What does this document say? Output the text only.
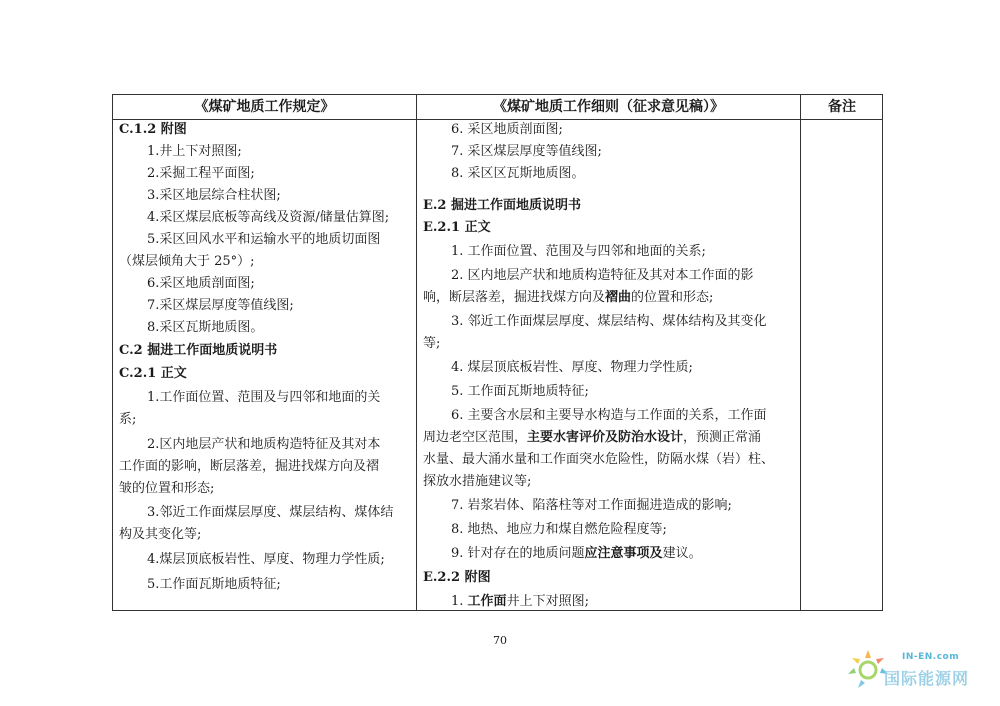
《煤矿地质工作规定》	《煤矿地质工作细则（征求意见稿）》	备注
C.1.2 附图
1.井上下对照图;
2.采掘工程平面图;
3.采区地层综合柱状图;
4.采区煤层底板等高线及资源/储量估算图;
5.采区回风水平和运输水平的地质切面图
（煤层倾角大于 25°）;
6.采区地质剖面图;
7.采区煤层厚度等值线图;
8.采区瓦斯地质图。
C.2 掘进工作面地质说明书
C.2.1 正文
1.工作面位置、范围及与四邻和地面的关
系;
2.区内地层产状和地质构造特征及其对本
工作面的影响，断层落差，掘进找煤方向及褶
皱的位置和形态;
3.邻近工作面煤层厚度、煤层结构、煤体结
构及其变化等;
4.煤层顶底板岩性、厚度、物理力学性质;
5.工作面瓦斯地质特征;
6. 采区地质剖面图;
7. 采区煤层厚度等值线图;
8. 采区区瓦斯地质图。
E.2 掘进工作面地质说明书
E.2.1 正文
1. 工作面位置、范围及与四邻和地面的关系;
2. 区内地层产状和地质构造特征及其对本工作面的影
响，断层落差，掘进找煤方向及褶曲的位置和形态;
3. 邻近工作面煤层厚度、煤层结构、煤体结构及其变化
等;
4. 煤层顶底板岩性、厚度、物理力学性质;
5. 工作面瓦斯地质特征;
6. 主要含水层和主要导水构造与工作面的关系，工作面
周边老空区范围，主要水害评价及防治水设计，预测正常涌
水量、最大涌水量和工作面突水危险性，防隔水煤（岩）柱、
探放水措施建议等;
7. 岩浆岩体、陷落柱等对工作面掘进造成的影响;
8. 地热、地应力和煤自燃危险程度等;
9. 针对存在的地质问题应注意事项及建议。
E.2.2 附图
1. 工作面井上下对照图;
70
IN-EN.com
国际能源网
